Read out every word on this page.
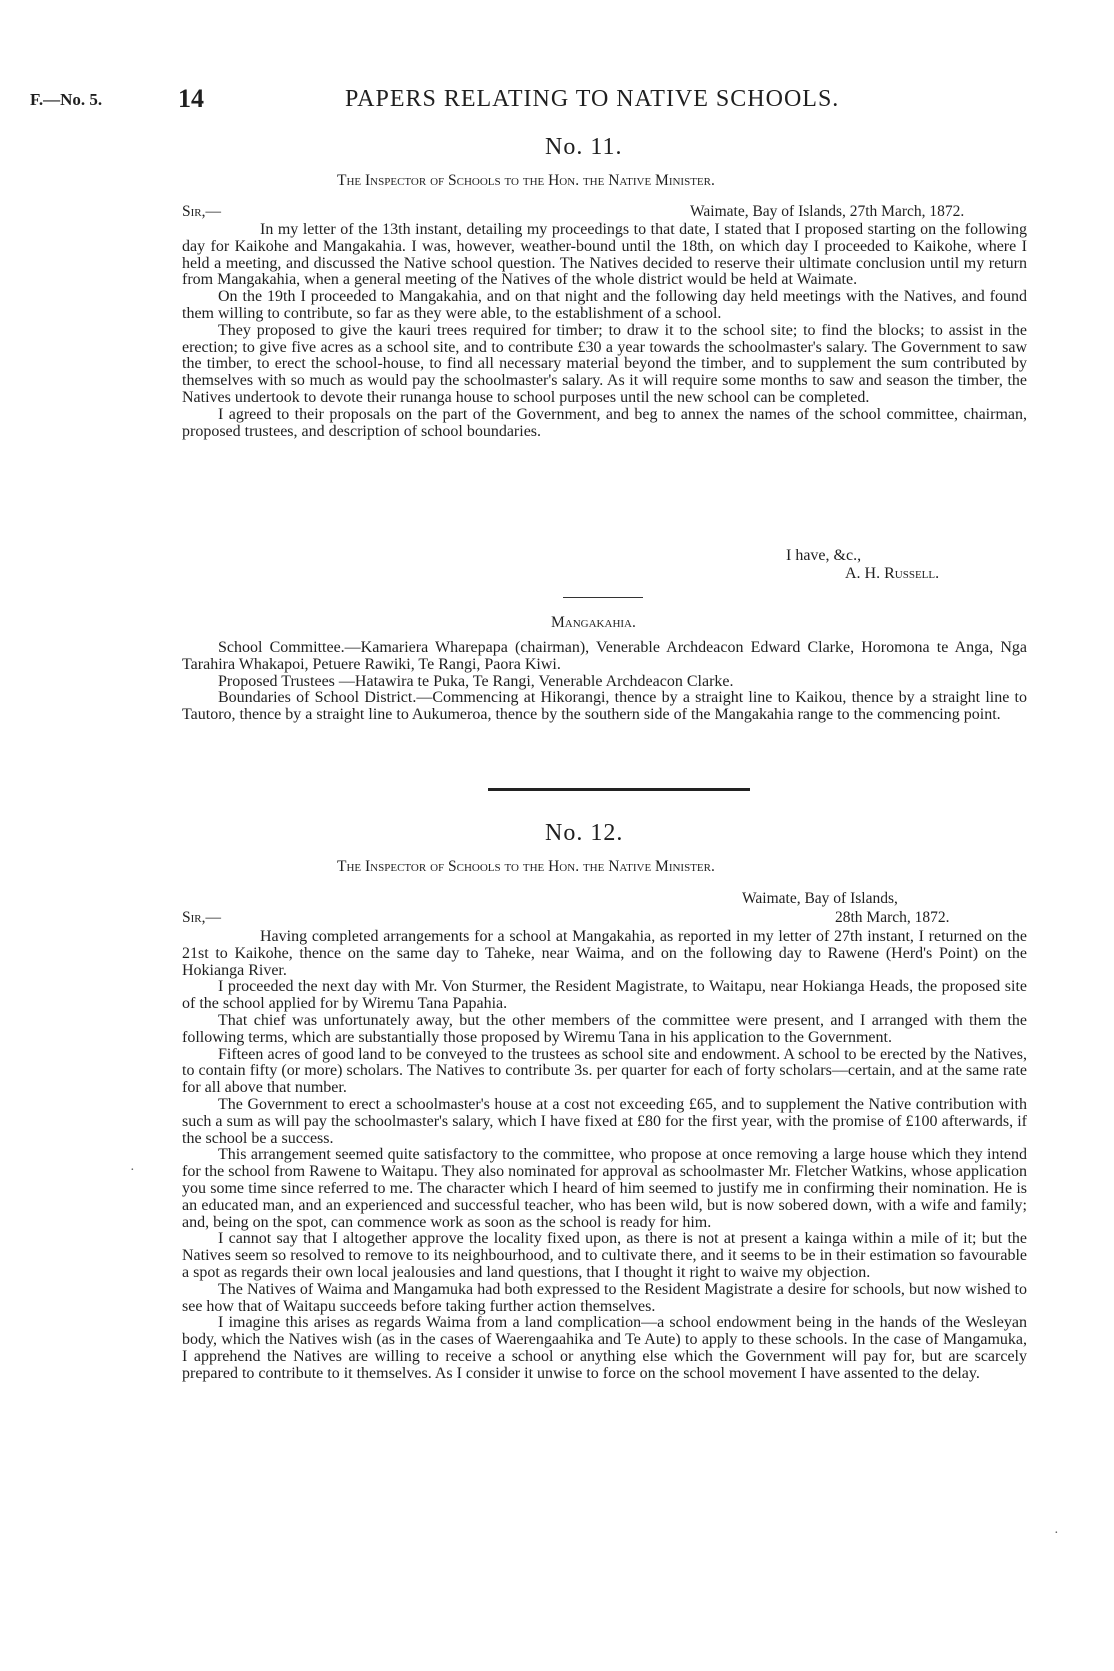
F.—No. 5.	14	PAPERS RELATING TO NATIVE SCHOOLS.
No. 11.
The Inspector of Schools to the Hon. the Native Minister.
Sir,—	Waimate, Bay of Islands, 27th March, 1872.

In my letter of the 13th instant, detailing my proceedings to that date, I stated that I proposed starting on the following day for Kaikohe and Mangakahia. I was, however, weather-bound until the 18th, on which day I proceeded to Kaikohe, where I held a meeting, and discussed the Native school question. The Natives decided to reserve their ultimate conclusion until my return from Mangakahia, when a general meeting of the Natives of the whole district would be held at Waimate.

On the 19th I proceeded to Mangakahia, and on that night and the following day held meetings with the Natives, and found them willing to contribute, so far as they were able, to the establishment of a school.

They proposed to give the kauri trees required for timber; to draw it to the school site; to find the blocks; to assist in the erection; to give five acres as a school site, and to contribute £30 a year towards the schoolmaster's salary. The Government to saw the timber, to erect the school-house, to find all necessary material beyond the timber, and to supplement the sum contributed by themselves with so much as would pay the schoolmaster's salary. As it will require some months to saw and season the timber, the Natives undertook to devote their runanga house to school purposes until the new school can be completed.

I agreed to their proposals on the part of the Government, and beg to annex the names of the school committee, chairman, proposed trustees, and description of school boundaries.

I have, &c.,
A. H. Russell.
Mangakahia.

School Committee.—Kamariera Wharepapa (chairman), Venerable Archdeacon Edward Clarke, Horomona te Anga, Nga Tarahira Whakapoi, Petuere Rawiki, Te Rangi, Paora Kiwi.

Proposed Trustees —Hatawira te Puka, Te Rangi, Venerable Archdeacon Clarke.

Boundaries of School District.—Commencing at Hikorangi, thence by a straight line to Kaikou, thence by a straight line to Tautoro, thence by a straight line to Aukumeroa, thence by the southern side of the Mangakahia range to the commencing point.

No. 12.
The Inspector of Schools to the Hon. the Native Minister.
Waimate, Bay of Islands,
Sir,—	28th March, 1872.

Having completed arrangements for a school at Mangakahia, as reported in my letter of 27th instant, I returned on the 21st to Kaikohe, thence on the same day to Taheke, near Waima, and on the following day to Rawene (Herd's Point) on the Hokianga River.

I proceeded the next day with Mr. Von Sturmer, the Resident Magistrate, to Waitapu, near Hokianga Heads, the proposed site of the school applied for by Wiremu Tana Papahia.

That chief was unfortunately away, but the other members of the committee were present, and I arranged with them the following terms, which are substantially those proposed by Wiremu Tana in his application to the Government.

Fifteen acres of good land to be conveyed to the trustees as school site and endowment. A school to be erected by the Natives, to contain fifty (or more) scholars. The Natives to contribute 3s. per quarter for each of forty scholars—certain, and at the same rate for all above that number.

The Government to erect a schoolmaster's house at a cost not exceeding £65, and to supplement the Native contribution with such a sum as will pay the schoolmaster's salary, which I have fixed at £80 for the first year, with the promise of £100 afterwards, if the school be a success.

This arrangement seemed quite satisfactory to the committee, who propose at once removing a large house which they intend for the school from Rawene to Waitapu. They also nominated for approval as schoolmaster Mr. Fletcher Watkins, whose application you some time since referred to me. The character which I heard of him seemed to justify me in confirming their nomination. He is an educated man, and an experienced and successful teacher, who has been wild, but is now sobered down, with a wife and family; and, being on the spot, can commence work as soon as the school is ready for him.

I cannot say that I altogether approve the locality fixed upon, as there is not at present a kainga within a mile of it; but the Natives seem so resolved to remove to its neighbourhood, and to cultivate there, and it seems to be in their estimation so favourable a spot as regards their own local jealousies and land questions, that I thought it right to waive my objection.

The Natives of Waima and Mangamuka had both expressed to the Resident Magistrate a desire for schools, but now wished to see how that of Waitapu succeeds before taking further action themselves.

I imagine this arises as regards Waima from a land complication—a school endowment being in the hands of the Wesleyan body, which the Natives wish (as in the cases of Waerengaahika and Te Aute) to apply to these schools. In the case of Mangamuka, I apprehend the Natives are willing to receive a school or anything else which the Government will pay for, but are scarcely prepared to contribute to it themselves. As I consider it unwise to force on the school movement I have assented to the delay.

·
·
